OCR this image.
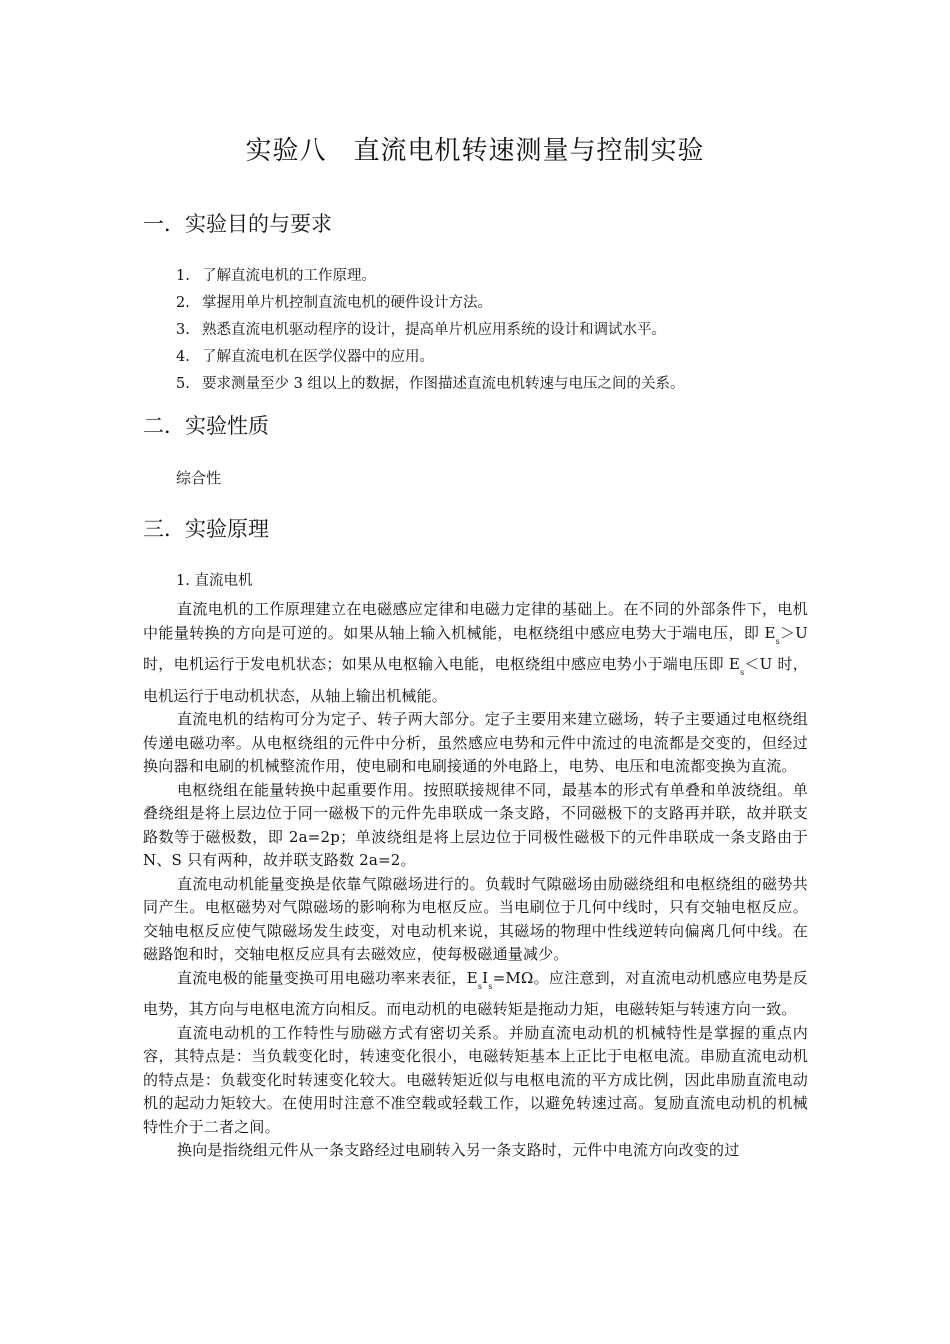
实验八　直流电机转速测量与控制实验
一．实验目的与要求
1. 了解直流电机的工作原理。
2. 掌握用单片机控制直流电机的硬件设计方法。
3. 熟悉直流电机驱动程序的设计，提高单片机应用系统的设计和调试水平。
4. 了解直流电机在医学仪器中的应用。
5. 要求测量至少 3 组以上的数据，作图描述直流电机转速与电压之间的关系。
二．实验性质
综合性
三．实验原理
1. 直流电机

直流电机的工作原理建立在电磁感应定律和电磁力定律的基础上。在不同的外部条件下，电机中能量转换的方向是可逆的。如果从轴上输入机械能，电枢绕组中感应电势大于端电压，即 $E_s>U$ 时，电机运行于发电机状态；如果从电枢输入电能，电枢绕组中感应电势小于端电压即 $E_s<U$ 时，电机运行于电动机状态，从轴上输出机械能。

直流电机的结构可分为定子、转子两大部分。定子主要用来建立磁场，转子主要通过电枢绕组传递电磁功率。从电枢绕组的元件中分析，虽然感应电势和元件中流过的电流都是交变的，但经过换向器和电刷的机械整流作用，使电刷和电刷接通的外电路上，电势、电压和电流都变换为直流。

电枢绕组在能量转换中起重要作用。按照联接规律不同，最基本的形式有单叠和单波绕组。单叠绕组是将上层边位于同一磁极下的元件先串联成一条支路，不同磁极下的支路再并联，故并联支路数等于磁极数，即 2a=2p；单波绕组是将上层边位于同极性磁极下的元件串联成一条支路由于 N、S 只有两种，故并联支路数 2a=2。

直流电动机能量变换是依靠气隙磁场进行的。负载时气隙磁场由励磁绕组和电枢绕组的磁势共同产生。电枢磁势对气隙磁场的影响称为电枢反应。当电刷位于几何中线时，只有交轴电枢反应。交轴电枢反应使气隙磁场发生歧变，对电动机来说，其磁场的物理中性线逆转向偏离几何中线。在磁路饱和时，交轴电枢反应具有去磁效应，使每极磁通量减少。

直流电极的能量变换可用电磁功率来表征，$E_sI_s=M\Omega$。应注意到，对直流电动机感应电势是反电势，其方向与电枢电流方向相反。而电动机的电磁转矩是拖动力矩，电磁转矩与转速方向一致。

直流电动机的工作特性与励磁方式有密切关系。并励直流电动机的机械特性是掌握的重点内容，其特点是：当负载变化时，转速变化很小，电磁转矩基本上正比于电枢电流。串励直流电动机的特点是：负载变化时转速变化较大。电磁转矩近似与电枢电流的平方成比例，因此串励直流电动机的起动力矩较大。在使用时注意不准空载或轻载工作，以避免转速过高。复励直流电动机的机械特性介于二者之间。

换向是指绕组元件从一条支路经过电刷转入另一条支路时，元件中电流方向改变的过
